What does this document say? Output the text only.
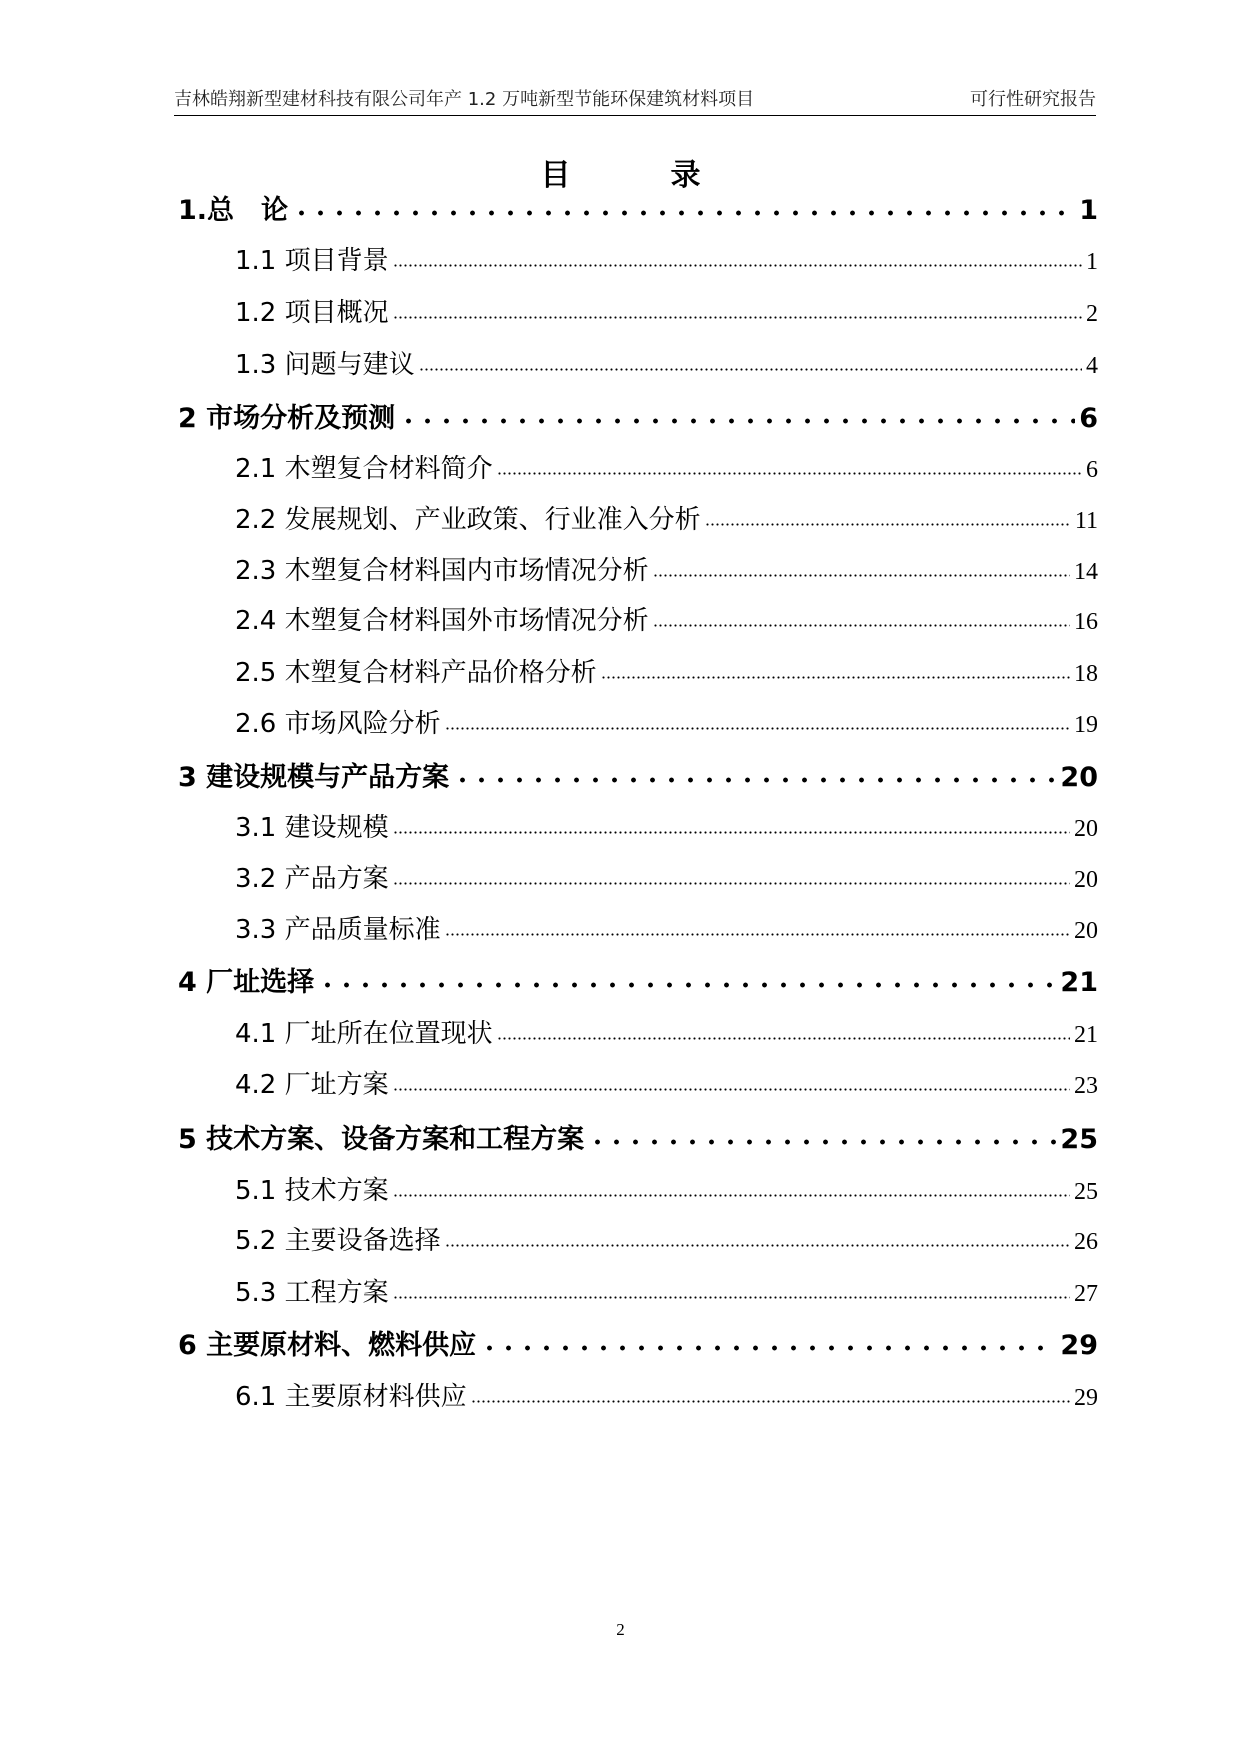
吉林皓翔新型建材科技有限公司年产 1.2 万吨新型节能环保建筑材料项目	可行性研究报告
目	录
1.总　论	1
1.1 项目背景	1
1.2 项目概况	2
1.3 问题与建议	4
2 市场分析及预测	6
2.1 木塑复合材料简介	6
2.2 发展规划、产业政策、行业准入分析	11
2.3 木塑复合材料国内市场情况分析	14
2.4 木塑复合材料国外市场情况分析	16
2.5 木塑复合材料产品价格分析	18
2.6 市场风险分析	19
3 建设规模与产品方案	20
3.1 建设规模	20
3.2 产品方案	20
3.3 产品质量标准	20
4 厂址选择	21
4.1 厂址所在位置现状	21
4.2 厂址方案	23
5 技术方案、设备方案和工程方案	25
5.1 技术方案	25
5.2 主要设备选择	26
5.3 工程方案	27
6 主要原材料、燃料供应	29
6.1 主要原材料供应	29
2
